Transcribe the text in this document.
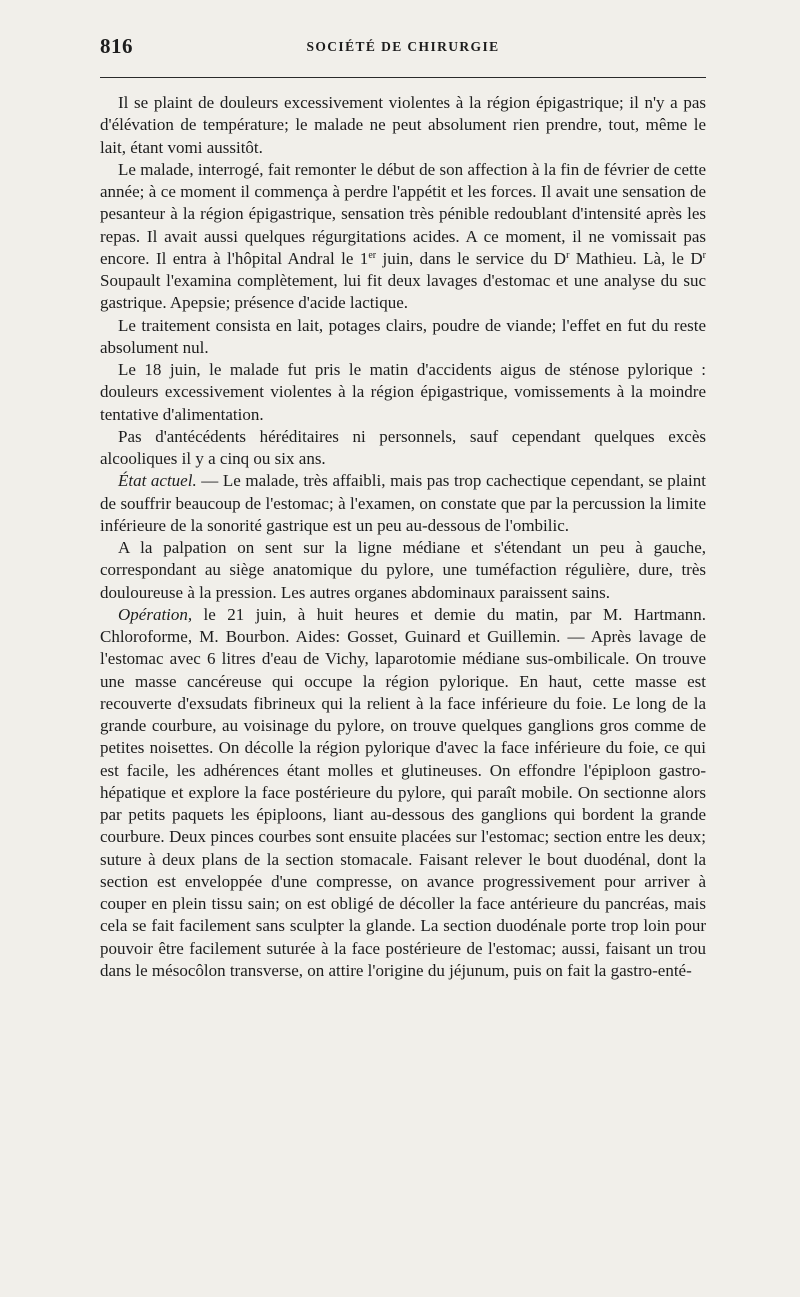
816	SOCIÉTÉ DE CHIRURGIE

Il se plaint de douleurs excessivement violentes à la région épigastrique; il n'y a pas d'élévation de température; le malade ne peut absolument rien prendre, tout, même le lait, étant vomi aussitôt.

Le malade, interrogé, fait remonter le début de son affection à la fin de février de cette année; à ce moment il commença à perdre l'appétit et les forces. Il avait une sensation de pesanteur à la région épigastrique, sensation très pénible redoublant d'intensité après les repas. Il avait aussi quelques régurgitations acides. A ce moment, il ne vomissait pas encore. Il entra à l'hôpital Andral le 1er juin, dans le service du $D^r$ Mathieu. Là, le $D^r$ Soupault l'examina complètement, lui fit deux lavages d'estomac et une analyse du suc gastrique. Apepsie; présence d'acide lactique.

Le traitement consista en lait, potages clairs, poudre de viande; l'effet en fut du reste absolument nul.

Le 18 juin, le malade fut pris le matin d'accidents aigus de sténose pylorique : douleurs excessivement violentes à la région épigastrique, vomissements à la moindre tentative d'alimentation.

Pas d'antécédents héréditaires ni personnels, sauf cependant quelques excès alcooliques il y a cinq ou six ans.

État actuel. — Le malade, très affaibli, mais pas trop cachectique cependant, se plaint de souffrir beaucoup de l'estomac; à l'examen, on constate que par la percussion la limite inférieure de la sonorité gastrique est un peu au-dessous de l'ombilic.

A la palpation on sent sur la ligne médiane et s'étendant un peu à gauche, correspondant au siège anatomique du pylore, une tuméfaction régulière, dure, très douloureuse à la pression. Les autres organes abdominaux paraissent sains.

Opération, le 21 juin, à huit heures et demie du matin, par M. Hartmann. Chloroforme, M. Bourbon. Aides: Gosset, Guinard et Guillemin. — Après lavage de l'estomac avec 6 litres d'eau de Vichy, laparotomie médiane sus-ombilicale. On trouve une masse cancéreuse qui occupe la région pylorique. En haut, cette masse est recouverte d'exsudats fibrineux qui la relient à la face inférieure du foie. Le long de la grande courbure, au voisinage du pylore, on trouve quelques ganglions gros comme de petites noisettes. On décolle la région pylorique d'avec la face inférieure du foie, ce qui est facile, les adhérences étant molles et glutineuses. On effondre l'épiploon gastro-hépatique et explore la face postérieure du pylore, qui paraît mobile. On sectionne alors par petits paquets les épiploons, liant au-dessous des ganglions qui bordent la grande courbure. Deux pinces courbes sont ensuite placées sur l'estomac; section entre les deux; suture à deux plans de la section stomacale. Faisant relever le bout duodénal, dont la section est enveloppée d'une compresse, on avance progressivement pour arriver à couper en plein tissu sain; on est obligé de décoller la face antérieure du pancréas, mais cela se fait facilement sans sculpter la glande. La section duodénale porte trop loin pour pouvoir être facilement suturée à la face postérieure de l'estomac; aussi, faisant un trou dans le mésocôlon transverse, on attire l'origine du jéjunum, puis on fait la gastro-enté-
